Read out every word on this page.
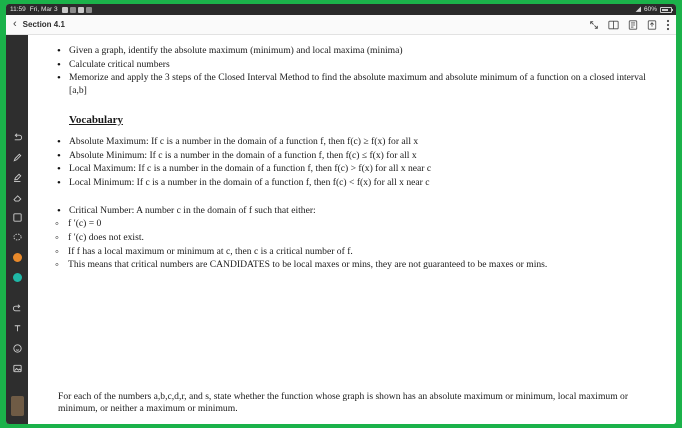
11:59 Fri, Mar 3	◢ 60%
‹ Section 4.1
• Given a graph, identify the absolute maximum (minimum) and local maxima (minima)
• Calculate critical numbers
• Memorize and apply the 3 steps of the Closed Interval Method to find the absolute maximum and absolute minimum of a function on a closed interval [a,b]
Vocabulary
• Absolute Maximum: If c is a number in the domain of a function f, then f(c) ≥ f(x) for all x
• Absolute Minimum: If c is a number in the domain of a function f, then f(c) ≤ f(x) for all x
• Local Maximum: If c is a number in the domain of a function f, then f(c) > f(x) for all x near c
• Local Minimum: If c is a number in the domain of a function f, then f(c) < f(x) for all x near c
• Critical Number: A number c in the domain of f such that either:
◦ f ′(c) = 0
◦ f ′(c) does not exist.
◦ If f has a local maximum or minimum at c, then c is a critical number of f.
◦ This means that critical numbers are CANDIDATES to be local maxes or mins, they are not guaranteed to be maxes or mins.

For each of the numbers a,b,c,d,r, and s, state whether the function whose graph is shown has an absolute maximum or minimum, local maximum or minimum, or neither a maximum or minimum.
